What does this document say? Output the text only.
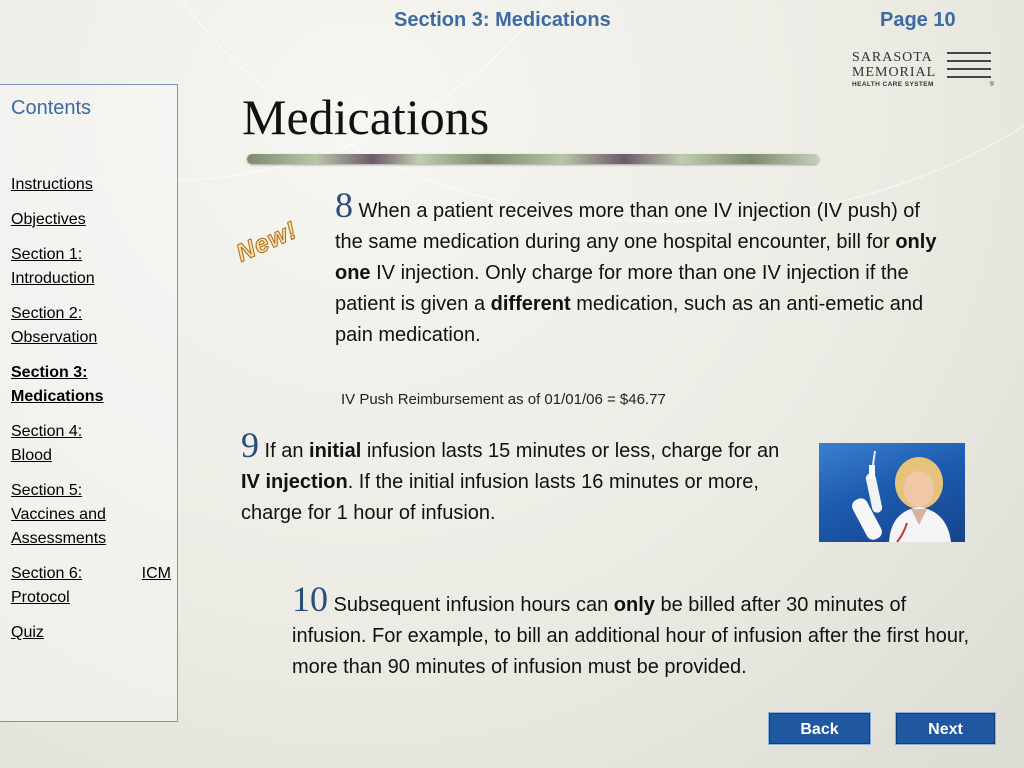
Section 3: Medications	Page 10
SARASOTA
MEMORIAL
HEALTH CARE SYSTEM	®
Contents
Instructions
Objectives
Section 1:
Introduction
Section 2:
Observation
Section 3:
Medications
Section 4:
Blood
Section 5:
Vaccines and
Assessments
Section 6:	ICM
Protocol
Quiz
Medications
New!
8 When a patient receives more than one IV injection (IV push) of the same medication during any one hospital encounter, bill for only one IV injection. Only charge for more than one IV injection if the patient is given a different medication, such as an anti-emetic and pain medication.
IV Push Reimbursement as of 01/01/06 = $46.77
9 If an initial infusion lasts 15 minutes or less, charge for an IV injection. If the initial infusion lasts 16 minutes or more, charge for 1 hour of infusion.
10 Subsequent infusion hours can only be billed after 30 minutes of infusion. For example, to bill an additional hour of infusion after the first hour, more than 90 minutes of infusion must be provided.
Back	Next
